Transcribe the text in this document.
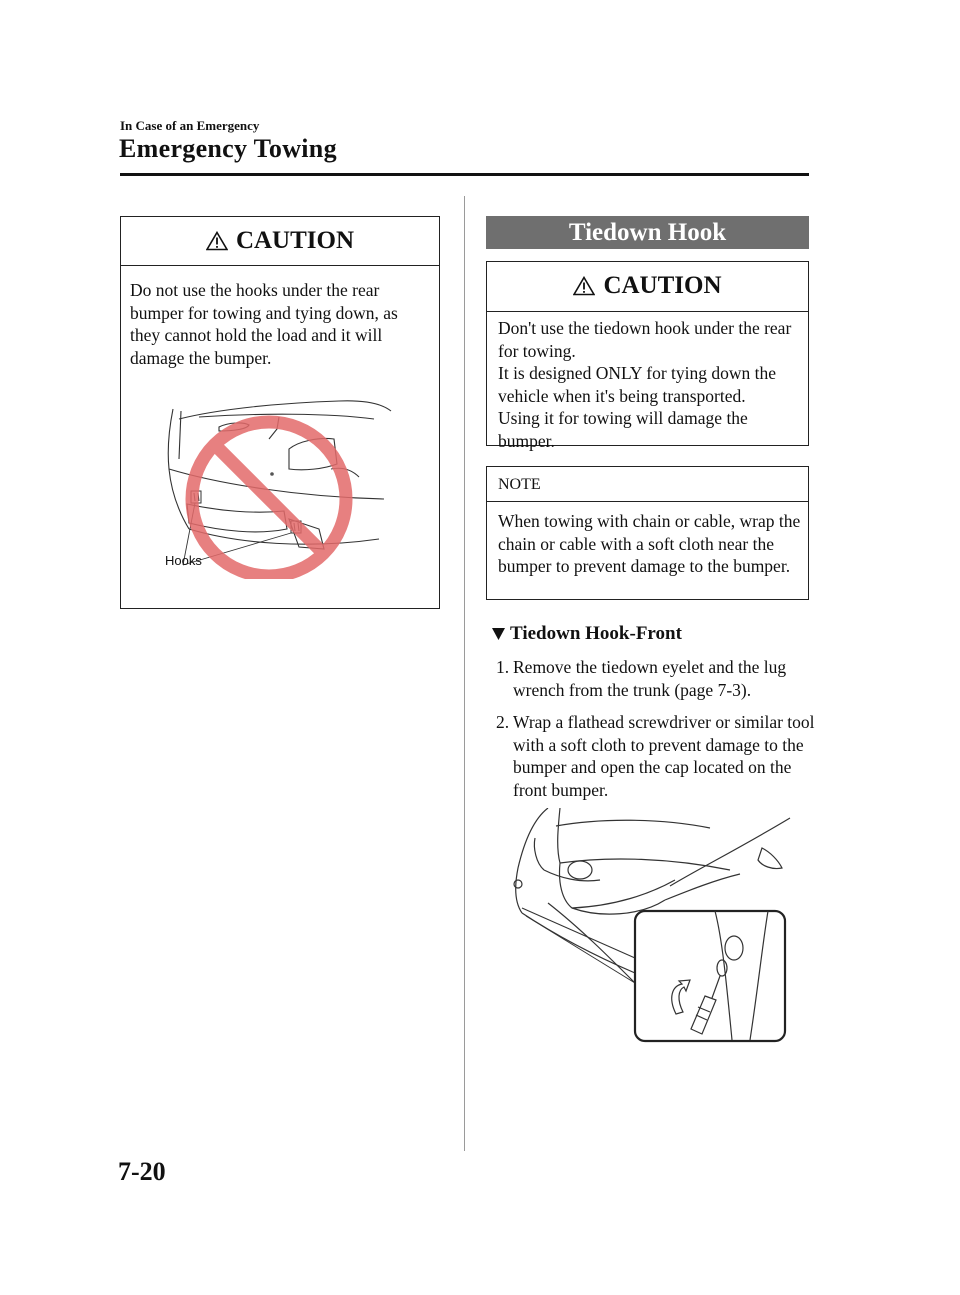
In Case of an Emergency
Emergency Towing
CAUTION
Do not use the hooks under the rear bumper for towing and tying down, as they cannot hold the load and it will damage the bumper.
Hooks
Tiedown Hook
CAUTION
Don't use the tiedown hook under the rear for towing.
It is designed ONLY for tying down the vehicle when it's being transported.
Using it for towing will damage the bumper.
NOTE
When towing with chain or cable, wrap the chain or cable with a soft cloth near the bumper to prevent damage to the bumper.
Tiedown Hook-Front
1. Remove the tiedown eyelet and the lug wrench from the trunk (page 7-3).
2. Wrap a flathead screwdriver or similar tool with a soft cloth to prevent damage to the bumper and open the cap located on the front bumper.
7-20
